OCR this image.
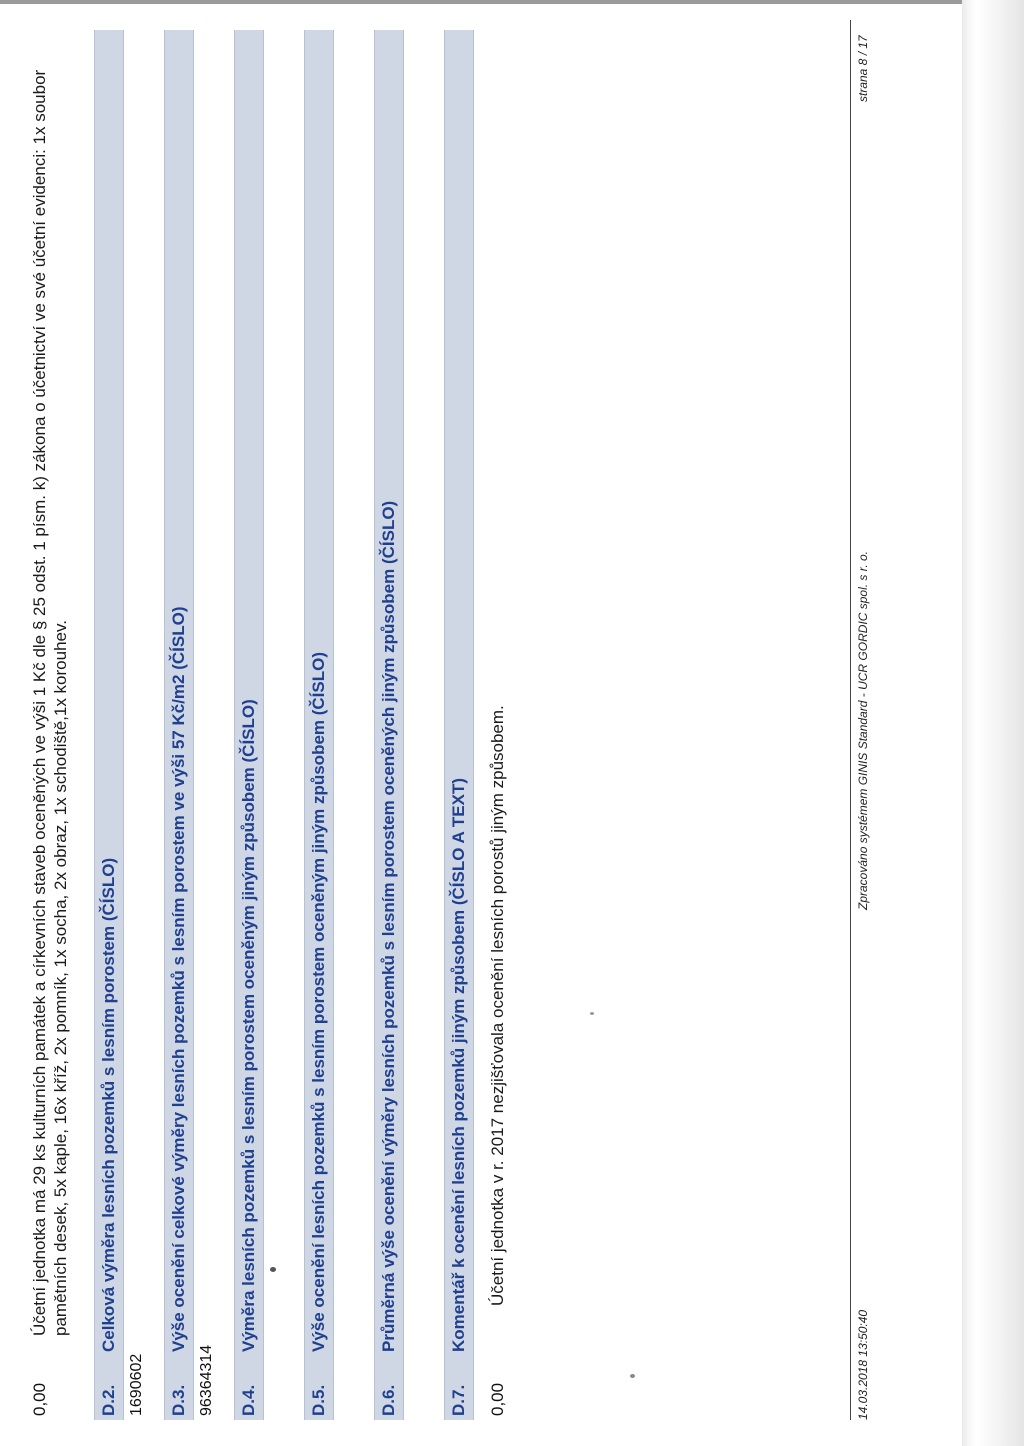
0,00
Účetní jednotka má 29 ks kulturních památek a církevních staveb oceněných ve výši 1 Kč dle § 25 odst. 1 písm. k) zákona o účetnictví ve své účetní evidenci: 1x soubor pamětních desek, 5x kaple, 16x kříž, 2x pomník, 1x socha, 2x obraz, 1x schodiště,1x korouhev.
D.2.
Celková výměra lesních pozemků s lesním porostem (ČÍSLO)
1690602 D.3.
Výše ocenění celkové výměry lesních pozemků s lesním porostem ve výši 57 Kč/m2 (ČÍSLO)
96364314 D.4.
Výměra lesních pozemků s lesním porostem oceněným jiným způsobem (ČÍSLO)
D.5.
Výše ocenění lesních pozemků s lesním porostem oceněným jiným způsobem (ČÍSLO)
D.6.
Průměrná výše ocenění výměry lesních pozemků s lesním porostem oceněných jiným způsobem (ČÍSLO)
D.7.
Komentář k ocenění lesních pozemků jiným způsobem (ČÍSLO A TEXT)
0,00
Účetní jednotka v r. 2017 nezjišťovala ocenění lesních porostů jiným způsobem.
14.03.2018 13:50:40
Zpracováno systémem GINIS Standard - UCR GORDIC spol. s r. o.
strana 8 / 17
